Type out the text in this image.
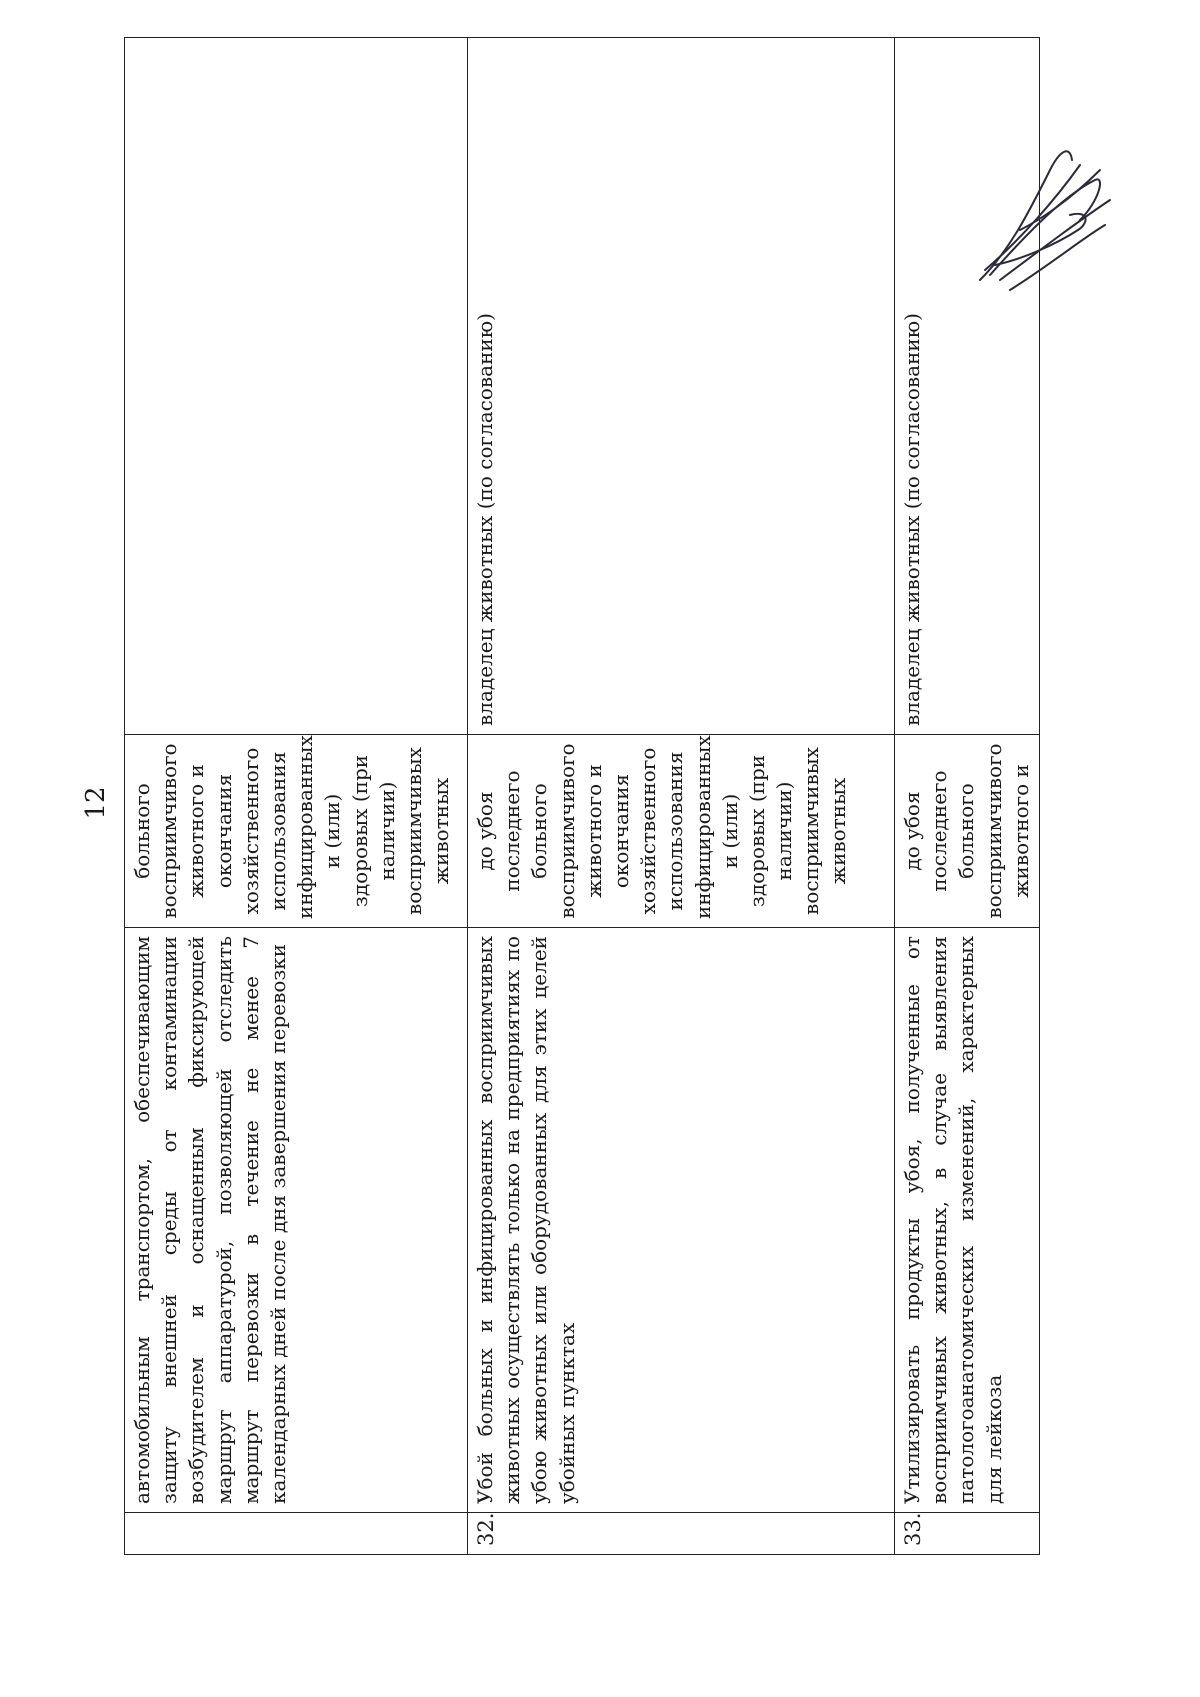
12
	автомобильным транспортом, обеспечивающим защиту внешней среды от контаминации возбудителем и оснащенным фиксирующей маршрут аппаратурой, позволяющей отследить маршрут перевозки в течение не менее 7 календарных дней после дня завершения перевозки	больного восприимчивого животного и окончания хозяйственного использования инфицированных и (или) здоровых (при наличии) восприимчивых животных	
32.	Убой больных и инфицированных восприимчивых животных осуществлять только на предприятиях по убою животных или оборудованных для этих целей убойных пунктах	до убоя последнего больного восприимчивого животного и окончания хозяйственного использования инфицированных и (или) здоровых (при наличии) восприимчивых животных	владелец животных (по согласованию)
33.	Утилизировать продукты убоя, полученные от восприимчивых животных, в случае выявления патологоанатомических изменений, характерных для лейкоза	до убоя последнего больного восприимчивого животного и	владелец животных (по согласованию)
